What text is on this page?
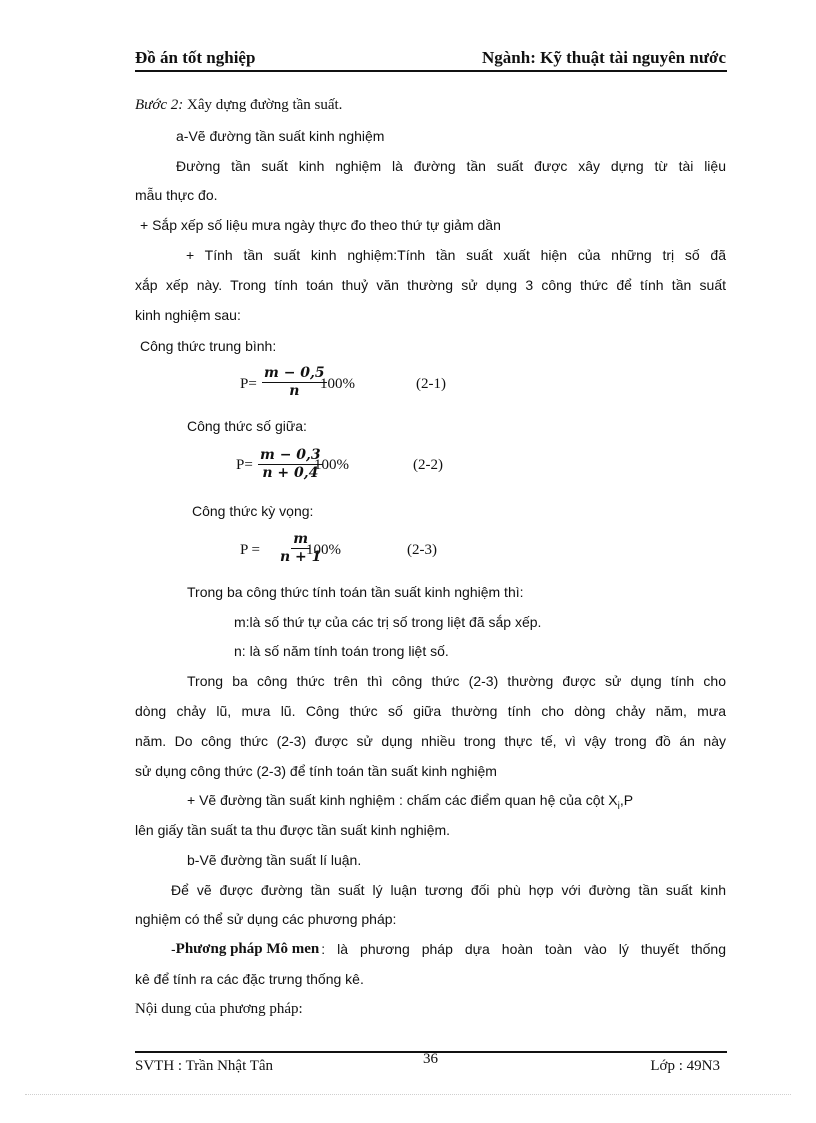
Đồ án tốt nghiệp	Ngành: Kỹ thuật tài nguyên nước
Bước 2: Xây dựng đường tần suất.
a-Vẽ đường tần suất kinh nghiệm
Đường tần suất kinh nghiệm là đường tần suất được xây dựng từ tài liệu
mẫu thực đo.
+ Sắp xếp số liệu mưa ngày thực đo theo thứ tự giảm dần
+ Tính tần suất kinh nghiệm:Tính tần suất xuất hiện của những trị số đã
xắp xếp này. Trong tính toán thuỷ văn thường sử dụng 3 công thức để tính tần suất
kinh nghiệm sau:
Công thức trung bình:
$P= \frac{m - 0,5}{n}$
100%	(2-1)
Công thức số giữa:
$P= \frac{m - 0,3}{n + 0,4}$
100%	(2-2)
Công thức kỳ vọng:
$P = \frac{m}{n + 1}$
100%	(2-3)
Trong ba công thức tính toán tần suất kinh nghiệm thì:
m:là số thứ tự của các trị số trong liệt đã sắp xếp.
n: là số năm tính toán trong liệt số.
Trong ba công thức trên thì công thức (2-3) thường được sử dụng tính cho
dòng chảy lũ, mưa lũ. Công thức số giữa thường tính cho dòng chảy năm, mưa
năm. Do công thức (2-3) được sử dụng nhiều trong thực tế, vì vậy trong đồ án này
sử dụng công thức (2-3) để tính toán tần suất kinh nghiệm
+ Vẽ đường tần suất kinh nghiệm : chấm các điểm quan hệ của cột $X_i,P$
lên giấy tần suất ta thu được tần suất kinh nghiệm.
b-Vẽ đường tần suất lí luận.
Để vẽ được đường tần suất lý luận tương đối phù hợp với đường tần suất kinh
nghiệm có thể sử dụng các phương pháp:
- Phương pháp Mô men : là phương pháp dựa hoàn toàn vào lý thuyết thống
kê để tính ra các đặc trưng thống kê.
Nội dung của phương pháp:
SVTH : Trần Nhật Tân	36	Lớp : 49N3
